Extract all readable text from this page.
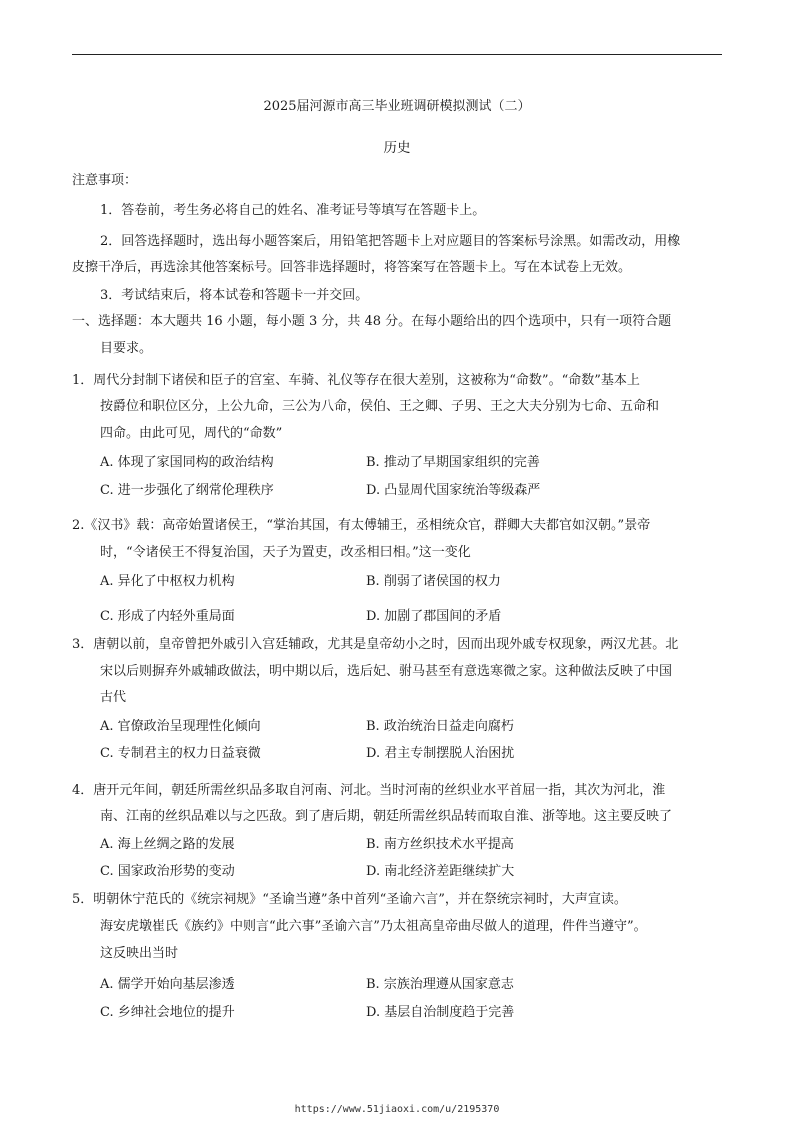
2025届河源市高三毕业班调研模拟测试（二）
历史
注意事项：
1．答卷前，考生务必将自己的姓名、准考证号等填写在答题卡上。
2．回答选择题时，选出每小题答案后，用铅笔把答题卡上对应题目的答案标号涂黑。如需改动，用橡
皮擦干净后，再选涂其他答案标号。回答非选择题时，将答案写在答题卡上。写在本试卷上无效。
3．考试结束后，将本试卷和答题卡一并交回。
一、选择题：本大题共 16 小题，每小题 3 分，共 48 分。在每小题给出的四个选项中，只有一项符合题
目要求。
1．周代分封制下诸侯和臣子的宫室、车骑、礼仪等存在很大差别，这被称为“命数”。“命数”基本上
按爵位和职位区分，上公九命，三公为八命，侯伯、王之卿、子男、王之大夫分别为七命、五命和
四命。由此可见，周代的“命数”
A. 体现了家国同构的政治结构	B. 推动了早期国家组织的完善
C. 进一步强化了纲常伦理秩序	D. 凸显周代国家统治等级森严
2.《汉书》载：高帝始置诸侯王，“掌治其国，有太傅辅王，丞相统众官，群卿大夫都官如汉朝。”景帝
时，“令诸侯王不得复治国，天子为置吏，改丞相曰相。”这一变化
A. 异化了中枢权力机构	B. 削弱了诸侯国的权力
C. 形成了内轻外重局面	D. 加剧了郡国间的矛盾
3．唐朝以前，皇帝曾把外戚引入宫廷辅政，尤其是皇帝幼小之时，因而出现外戚专权现象，两汉尤甚。北
宋以后则摒弃外戚辅政做法，明中期以后，选后妃、驸马甚至有意选寒微之家。这种做法反映了中国
古代
A. 官僚政治呈现理性化倾向	B. 政治统治日益走向腐朽
C. 专制君主的权力日益衰微	D. 君主专制摆脱人治困扰
4．唐开元年间，朝廷所需丝织品多取自河南、河北。当时河南的丝织业水平首屈一指，其次为河北，淮
南、江南的丝织品难以与之匹敌。到了唐后期，朝廷所需丝织品转而取自淮、浙等地。这主要反映了
A. 海上丝绸之路的发展	B. 南方丝织技术水平提高
C. 国家政治形势的变动	D. 南北经济差距继续扩大
5．明朝休宁范氏的《统宗祠规》“圣谕当遵”条中首列“圣谕六言”，并在祭统宗祠时，大声宣读。
海安虎墩崔氏《族约》中则言“此六事”圣谕六言”乃太祖高皇帝曲尽做人的道理，件件当遵守”。
这反映出当时
A. 儒学开始向基层渗透	B. 宗族治理遵从国家意志
C. 乡绅社会地位的提升	D. 基层自治制度趋于完善
https://www.51jiaoxi.com/u/2195370
